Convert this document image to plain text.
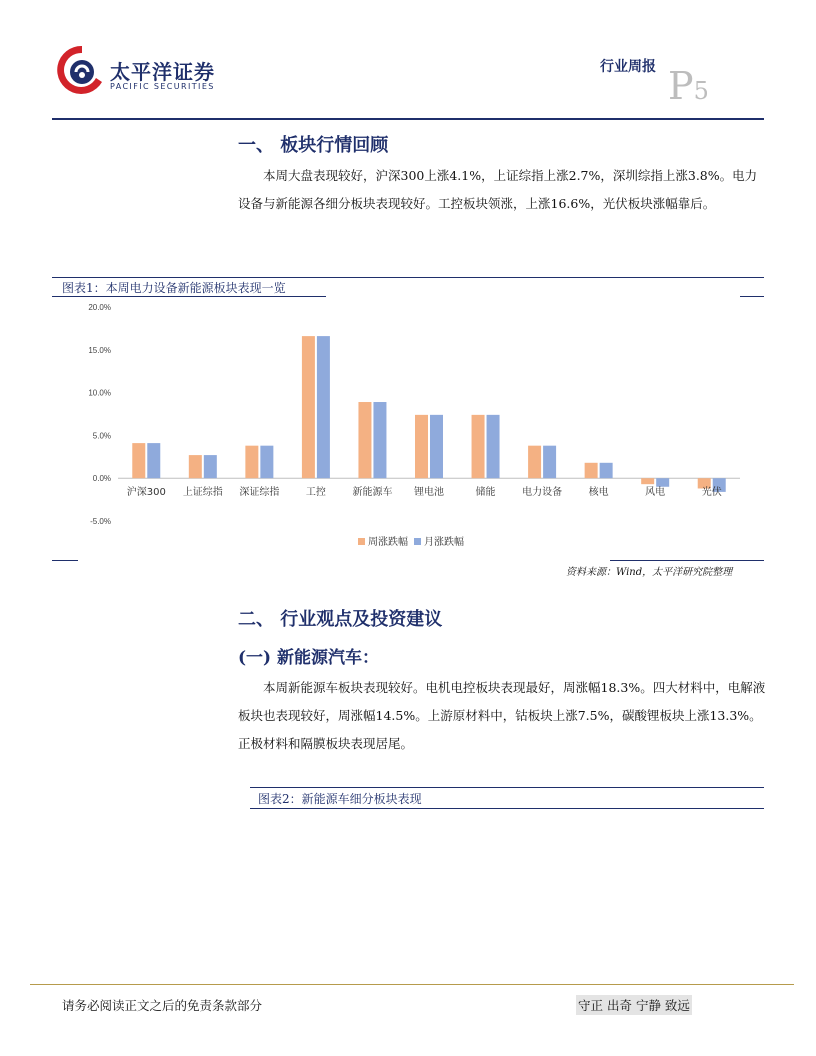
太平洋证券
PACIFIC SECURITIES
行业周报 P5
一、 板块行情回顾
本周大盘表现较好，沪深300上涨4.1%，上证综指上涨2.7%，深圳综指上涨3.8%。电力设备与新能源各细分板块表现较好。工控板块领涨，上涨16.6%，光伏板块涨幅靠后。
图表1：本周电力设备新能源板块表现一览
-5.0%
0.0%
5.0%
10.0%
15.0%
20.0%
沪深300 上证综指 深证综指	工控	新能源车 锂电池	储能	电力设备	核电	风电	光伏
周涨跌幅 月涨跌幅
资料来源：Wind，太平洋研究院整理
二、 行业观点及投资建议
(一) 新能源汽车：
本周新能源车板块表现较好。电机电控板块表现最好，周涨幅18.3%。四大材料中，电解液板块也表现较好，周涨幅14.5%。上游原材料中，钴板块上涨7.5%，碳酸锂板块上涨13.3%。正极材料和隔膜板块表现居尾。
图表2：新能源车细分板块表现
请务必阅读正文之后的免责条款部分	守正 出奇 宁静 致远
